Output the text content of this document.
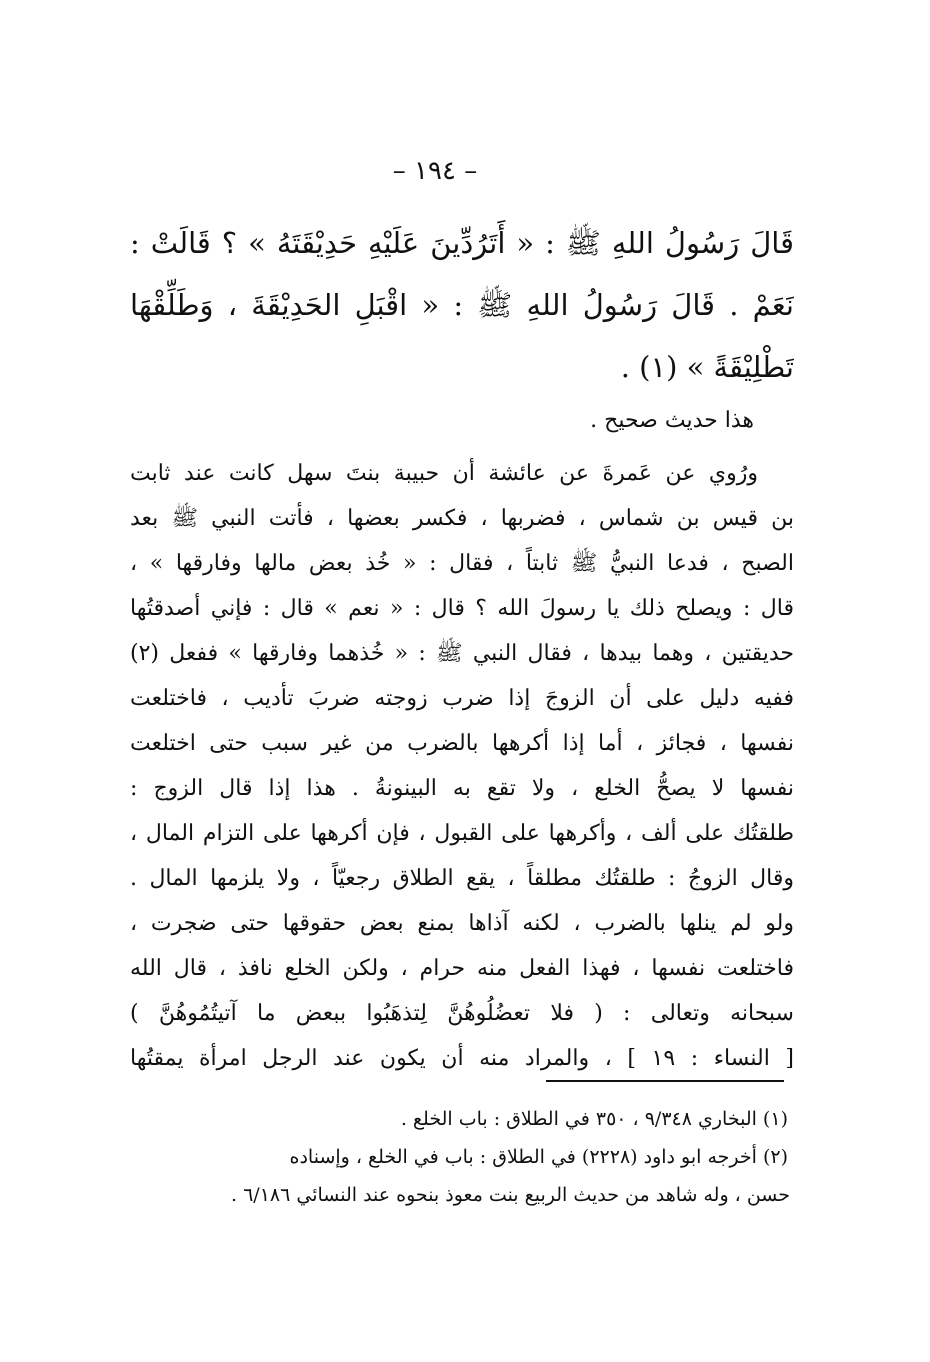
– ١٩٤ –
قَالَ رَسُولُ اللهِ ﷺ : « أَتَرُدِّينَ عَلَيْهِ حَدِيْقَتَهُ » ؟ قَالَتْ :
نَعَمْ . قَالَ رَسُولُ اللهِ ﷺ : « اقْبَلِ الحَدِيْقَةَ ، وَطَلِّقْهَا
تَطْلِيْقَةً » (١) .
هذا حديث صحيح .
ورُوي عن عَمرةَ عن عائشة أن حبيبة بنتَ سهل كانت عند ثابت
بن قيس بن شماس ، فضربها ، فكسر بعضها ، فأتت النبي ﷺ بعد
الصبح ، فدعا النبيُّ ﷺ ثابتاً ، فقال : « خُذ بعض مالها وفارقها » ،
قال : ويصلح ذلك يا رسولَ الله ؟ قال : « نعم » قال : فإني أصدقتُها
حديقتين ، وهما بيدها ، فقال النبي ﷺ : « خُذهما وفارقها » ففعل (٢)
ففيه دليل على أن الزوجَ إذا ضرب زوجته ضربَ تأديب ، فاختلعت
نفسها ، فجائز ، أما إذا أكرهها بالضرب من غير سبب حتى اختلعت
نفسها لا يصحُّ الخلع ، ولا تقع به البينونةُ . هذا إذا قال الزوج :
طلقتُك على ألف ، وأكرهها على القبول ، فإن أكرهها على التزام المال ،
وقال الزوجُ : طلقتُك مطلقاً ، يقع الطلاق رجعيّاً ، ولا يلزمها المال .
ولو لم ينلها بالضرب ، لكنه آذاها بمنع بعض حقوقها حتى ضجرت ،
فاختلعت نفسها ، فهذا الفعل منه حرام ، ولكن الخلع نافذ ، قال الله
سبحانه وتعالى : ( فلا تعضُلُوهُنَّ لِتذهَبُوا ببعض ما آتيتُمُوهُنَّ )
[ النساء : ١٩ ] ، والمراد منه أن يكون عند الرجل امرأة يمقتُها
(١) البخاري ٩/٣٤٨ ، ٣٥٠ في الطلاق : باب الخلع .
(٢) أخرجه ابو داود (٢٢٢٨) في الطلاق : باب في الخلع ، وإسناده
حسن ، وله شاهد من حديث الربيع بنت معوذ بنحوه عند النسائي ٦/١٨٦ .
